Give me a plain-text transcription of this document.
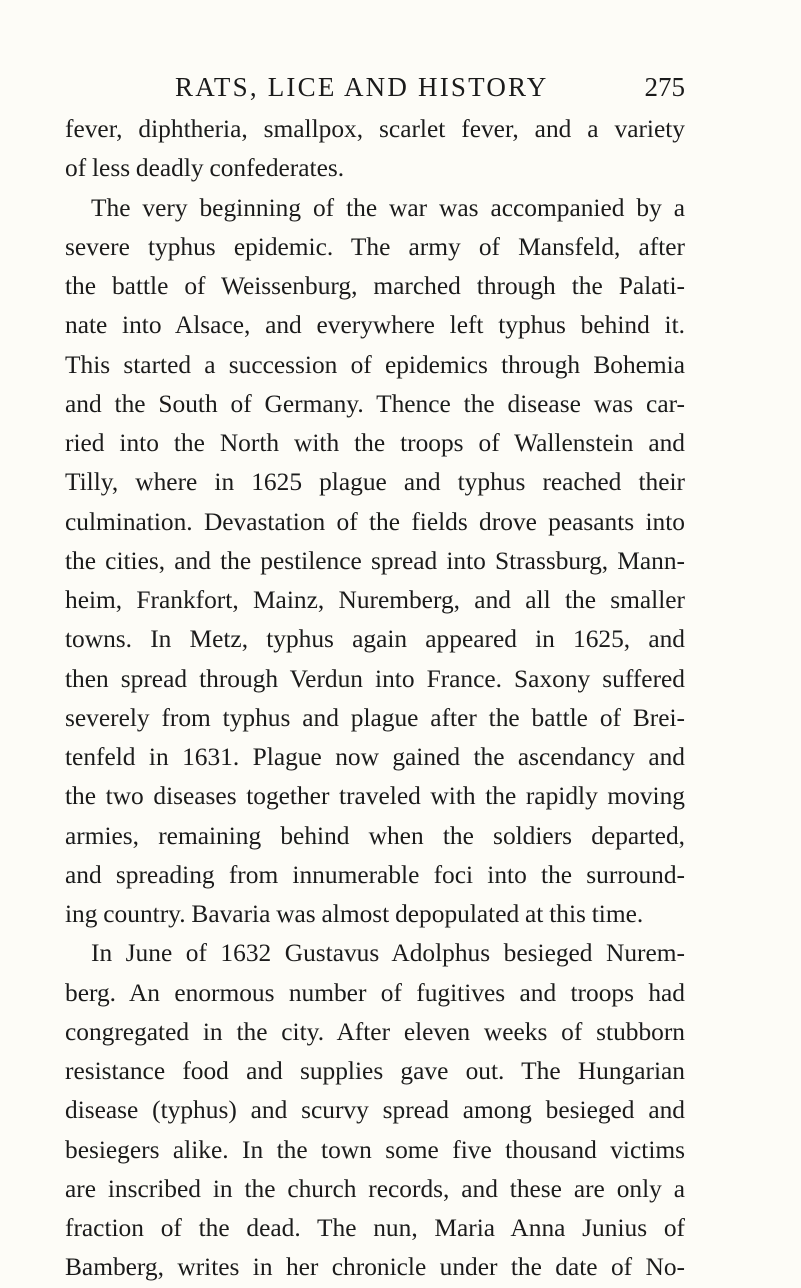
RATS, LICE AND HISTORY	275
fever, diphtheria, smallpox, scarlet fever, and a variety
of less deadly confederates.
The very beginning of the war was accompanied by a
severe typhus epidemic. The army of Mansfeld, after
the battle of Weissenburg, marched through the Palati-
nate into Alsace, and everywhere left typhus behind it.
This started a succession of epidemics through Bohemia
and the South of Germany. Thence the disease was car-
ried into the North with the troops of Wallenstein and
Tilly, where in 1625 plague and typhus reached their
culmination. Devastation of the fields drove peasants into
the cities, and the pestilence spread into Strassburg, Mann-
heim, Frankfort, Mainz, Nuremberg, and all the smaller
towns. In Metz, typhus again appeared in 1625, and
then spread through Verdun into France. Saxony suffered
severely from typhus and plague after the battle of Brei-
tenfeld in 1631. Plague now gained the ascendancy and
the two diseases together traveled with the rapidly moving
armies, remaining behind when the soldiers departed,
and spreading from innumerable foci into the surround-
ing country. Bavaria was almost depopulated at this time.
In June of 1632 Gustavus Adolphus besieged Nurem-
berg. An enormous number of fugitives and troops had
congregated in the city. After eleven weeks of stubborn
resistance food and supplies gave out. The Hungarian
disease (typhus) and scurvy spread among besieged and
besiegers alike. In the town some five thousand victims
are inscribed in the church records, and these are only a
fraction of the dead. The nun, Maria Anna Junius of
Bamberg, writes in her chronicle under the date of No-
